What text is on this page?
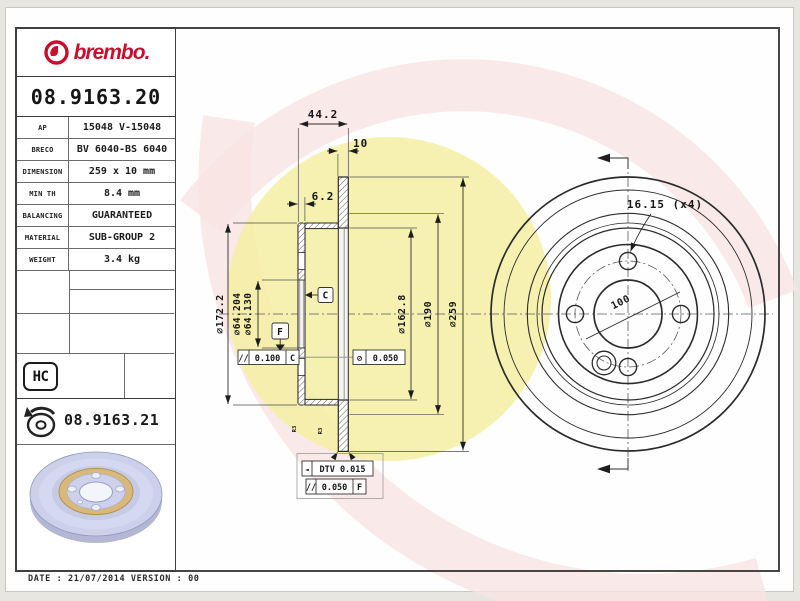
R3	R3
44.2
10
6.2
⌀172.2 ⌀64.204 ⌀64.130	⌀162.8 ⌀190 ⌀259
C
F
// 0.100 C	⊘ 0.050
◄ DTV 0.015
// 0.050 F
16.15 (x4)
100
brembo.
08.9163.20
AP	15048 V-15048
BRECO	BV 6040-BS 6040
DIMENSION	259 x 10 mm
MIN TH	8.4 mm
BALANCING	GUARANTEED
MATERIAL	SUB-GROUP 2
WEIGHT	3.4 kg
HC
08.9163.21
DATE : 21/07/2014 VERSION : 00
